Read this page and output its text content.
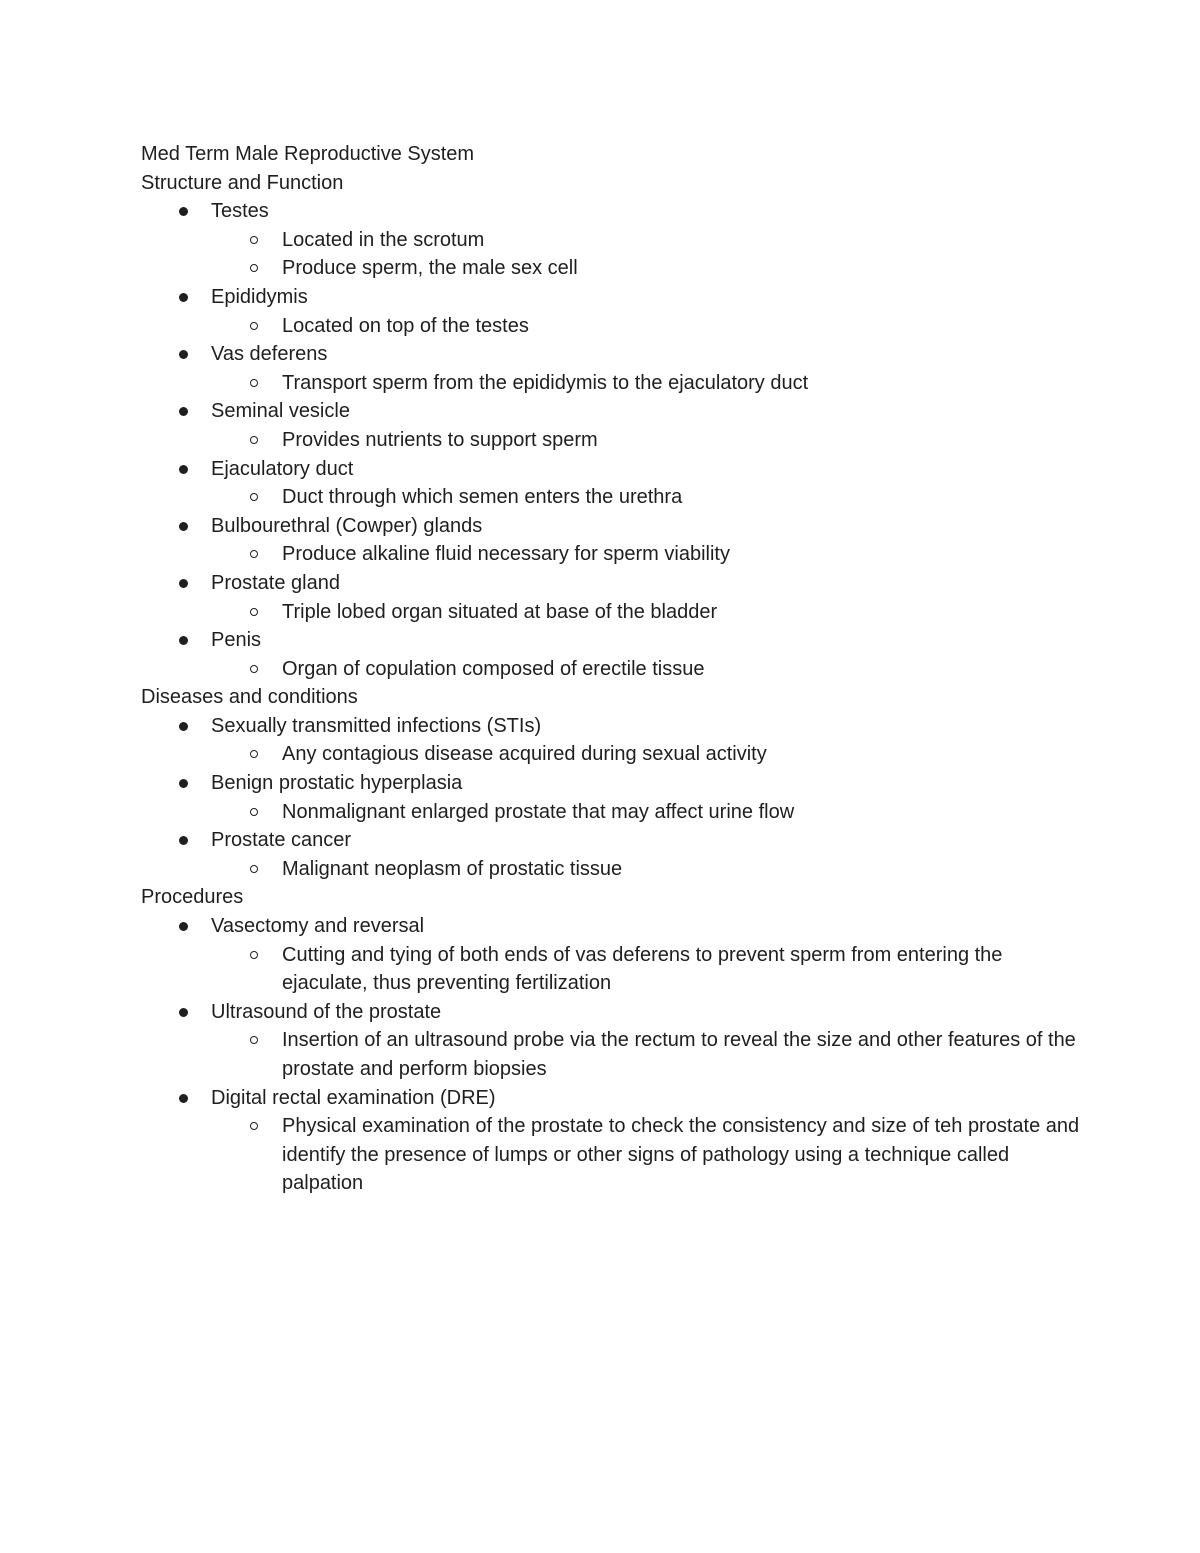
Med Term Male Reproductive System
Structure and Function
Testes
Located in the scrotum
Produce sperm, the male sex cell
Epididymis
Located on top of the testes
Vas deferens
Transport sperm from the epididymis to the ejaculatory duct
Seminal vesicle
Provides nutrients to support sperm
Ejaculatory duct
Duct through which semen enters the urethra
Bulbourethral (Cowper) glands
Produce alkaline fluid necessary for sperm viability
Prostate gland
Triple lobed organ situated at base of the bladder
Penis
Organ of copulation composed of erectile tissue
Diseases and conditions
Sexually transmitted infections (STIs)
Any contagious disease acquired during sexual activity
Benign prostatic hyperplasia
Nonmalignant enlarged prostate that may affect urine flow
Prostate cancer
Malignant neoplasm of prostatic tissue
Procedures
Vasectomy and reversal
Cutting and tying of both ends of vas deferens to prevent sperm from entering the ejaculate, thus preventing fertilization
Ultrasound of the prostate
Insertion of an ultrasound probe via the rectum to reveal the size and other features of the prostate and perform biopsies
Digital rectal examination (DRE)
Physical examination of the prostate to check the consistency and size of teh prostate and identify the presence of lumps or other signs of pathology using a technique called palpation
